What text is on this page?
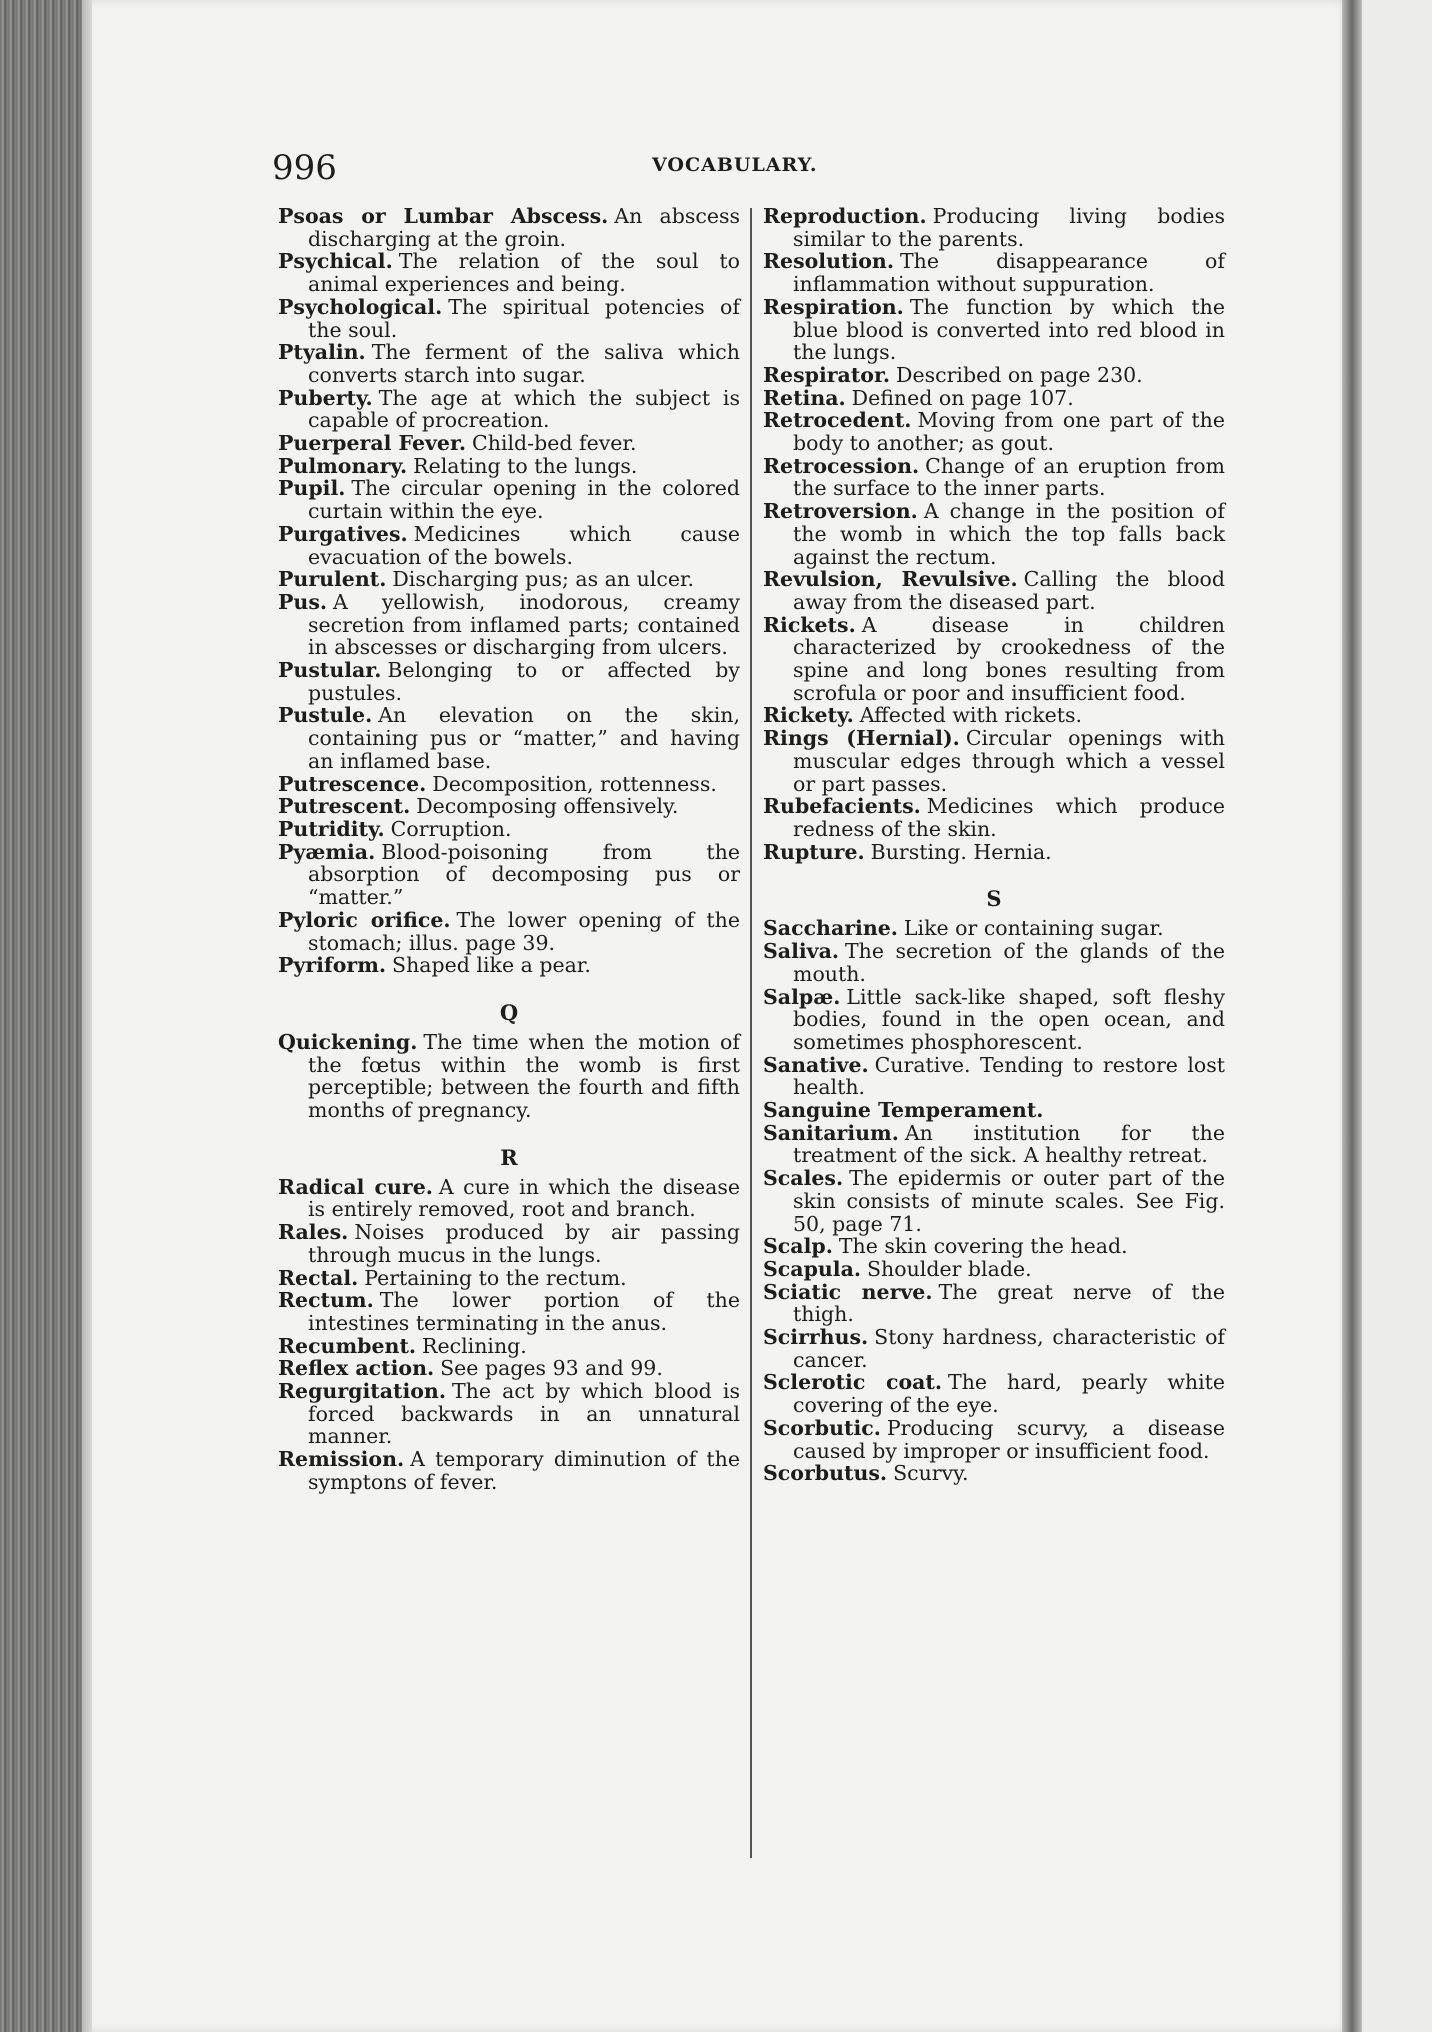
996	VOCABULARY.

Psoas or Lumbar Abscess. An abscess discharging at the groin.

Psychical. The relation of the soul to animal experiences and being.

Psychological. The spiritual potencies of the soul.

Ptyalin. The ferment of the saliva which converts starch into sugar.

Puberty. The age at which the subject is capable of procreation.

Puerperal Fever. Child-bed fever.

Pulmonary. Relating to the lungs.

Pupil. The circular opening in the colored curtain within the eye.

Purgatives. Medicines which cause evacuation of the bowels.

Purulent. Discharging pus; as an ulcer.

Pus. A yellowish, inodorous, creamy secretion from inflamed parts; contained in abscesses or discharging from ulcers.

Pustular. Belonging to or affected by pustules.

Pustule. An elevation on the skin, containing pus or “matter,” and having an inflamed base.

Putrescence. Decomposition, rottenness.

Putrescent. Decomposing offensively.

Putridity. Corruption.

Pyæmia. Blood-poisoning from the absorption of decomposing pus or “matter.”

Pyloric orifice. The lower opening of the stomach; illus. page 39.

Pyriform. Shaped like a pear.

Q

Quickening. The time when the motion of the fœtus within the womb is first perceptible; between the fourth and fifth months of pregnancy.

R

Radical cure. A cure in which the disease is entirely removed, root and branch.

Rales. Noises produced by air passing through mucus in the lungs.

Rectal. Pertaining to the rectum.

Rectum. The lower portion of the intestines terminating in the anus.

Recumbent. Reclining.

Reflex action. See pages 93 and 99.

Regurgitation. The act by which blood is forced backwards in an unnatural manner.

Remission. A temporary diminution of the symptons of fever.

Reproduction. Producing living bodies similar to the parents.

Resolution. The disappearance of inflammation without suppuration.

Respiration. The function by which the blue blood is converted into red blood in the lungs.

Respirator. Described on page 230.

Retina. Defined on page 107.

Retrocedent. Moving from one part of the body to another; as gout.

Retrocession. Change of an eruption from the surface to the inner parts.

Retroversion. A change in the position of the womb in which the top falls back against the rectum.

Revulsion, Revulsive. Calling the blood away from the diseased part.

Rickets. A disease in children characterized by crookedness of the spine and long bones resulting from scrofula or poor and insufficient food.

Rickety. Affected with rickets.

Rings (Hernial). Circular openings with muscular edges through which a vessel or part passes.

Rubefacients. Medicines which produce redness of the skin.

Rupture. Bursting. Hernia.

S

Saccharine. Like or containing sugar.

Saliva. The secretion of the glands of the mouth.

Salpæ. Little sack-like shaped, soft fleshy bodies, found in the open ocean, and sometimes phosphorescent.

Sanative. Curative. Tending to restore lost health.

Sanguine Temperament.

Sanitarium. An institution for the treatment of the sick. A healthy retreat.

Scales. The epidermis or outer part of the skin consists of minute scales. See Fig. 50, page 71.

Scalp. The skin covering the head.

Scapula. Shoulder blade.

Sciatic nerve. The great nerve of the thigh.

Scirrhus. Stony hardness, characteristic of cancer.

Sclerotic coat. The hard, pearly white covering of the eye.

Scorbutic. Producing scurvy, a disease caused by improper or insufficient food.

Scorbutus. Scurvy.
